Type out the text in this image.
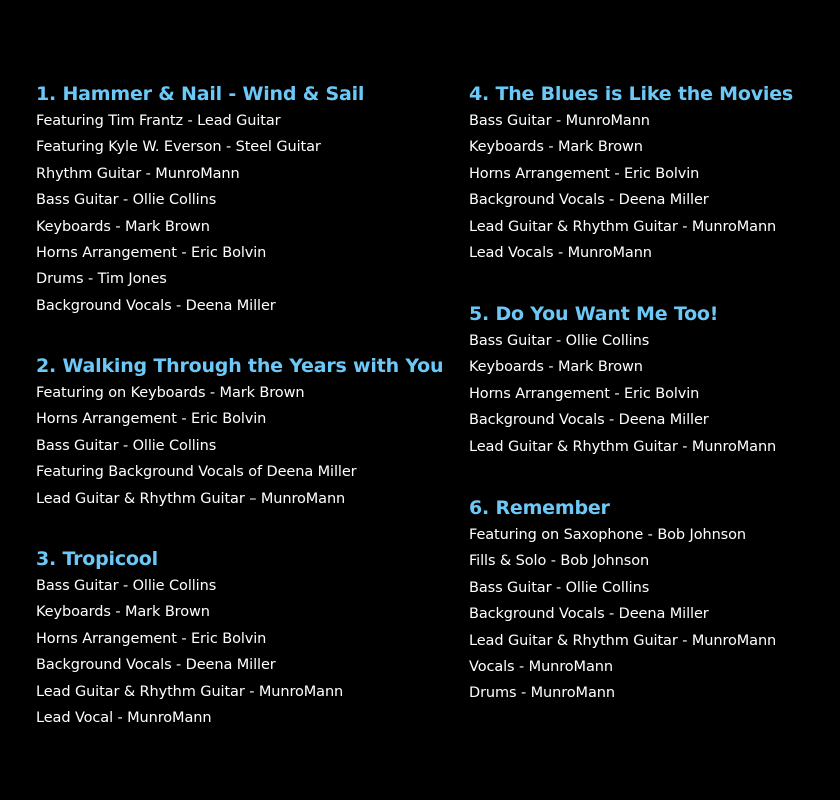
1. Hammer & Nail - Wind & Sail
Featuring Tim Frantz - Lead Guitar
Featuring Kyle W. Everson - Steel Guitar
Rhythm Guitar - MunroMann
Bass Guitar - Ollie Collins
Keyboards - Mark Brown
Horns Arrangement - Eric Bolvin
Drums - Tim Jones
Background Vocals - Deena Miller
2. Walking Through the Years with You
Featuring on Keyboards - Mark Brown
Horns Arrangement - Eric Bolvin
Bass Guitar - Ollie Collins
Featuring Background Vocals of Deena Miller
Lead Guitar & Rhythm Guitar – MunroMann
3. Tropicool
Bass Guitar - Ollie Collins
Keyboards - Mark Brown
Horns Arrangement - Eric Bolvin
Background Vocals - Deena Miller
Lead Guitar & Rhythm Guitar - MunroMann
Lead Vocal - MunroMann
4. The Blues is Like the Movies
Bass Guitar - MunroMann
Keyboards - Mark Brown
Horns Arrangement - Eric Bolvin
Background Vocals - Deena Miller
Lead Guitar & Rhythm Guitar - MunroMann
Lead Vocals - MunroMann
5. Do You Want Me Too!
Bass Guitar - Ollie Collins
Keyboards - Mark Brown
Horns Arrangement - Eric Bolvin
Background Vocals - Deena Miller
Lead Guitar & Rhythm Guitar - MunroMann
6. Remember
Featuring on Saxophone - Bob Johnson
Fills & Solo - Bob Johnson
Bass Guitar - Ollie Collins
Background Vocals - Deena Miller
Lead Guitar & Rhythm Guitar - MunroMann
Vocals - MunroMann
Drums - MunroMann
